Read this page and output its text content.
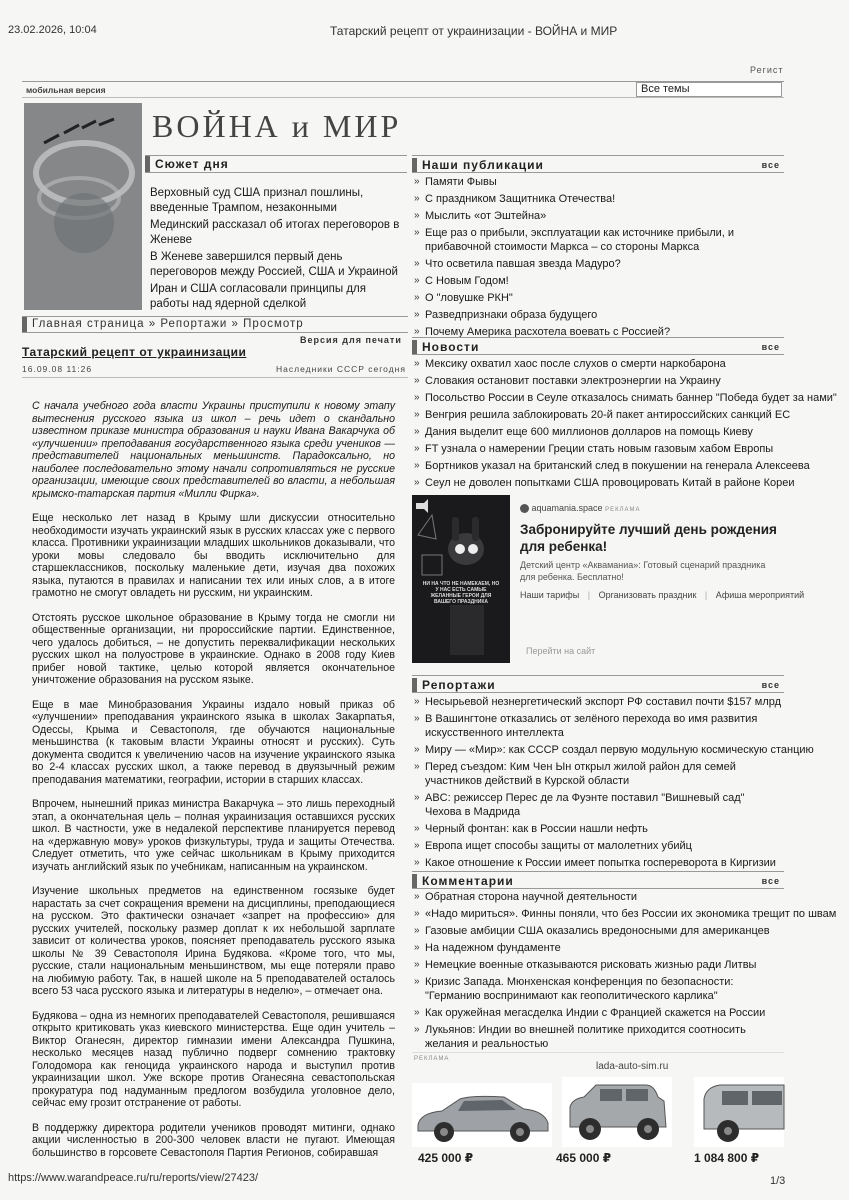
23.02.2026, 10:04	Татарский рецепт от украинизации - ВОЙНА и МИР
Регист
мобильная версия	Все темы
ВОЙНА и МИР
Сюжет дня

Верховный суд США признал пошлины, введенные Трампом, незаконными

Мединский рассказал об итогах переговоров в Женеве

В Женеве завершился первый день переговоров между Россией, США и Украиной

Иран и США согласовали принципы для работы над ядерной сделкой

Главная страница » Репортажи » Просмотр
Версия для печати
Татарский рецепт от украинизации
16.09.08 11:26	Наследники СССР сегодня

С начала учебного года власти Украины приступили к новому этапу вытеснения русского языка из школ – речь идет о скандально известном приказе министра образования и науки Ивана Вакарчука об «улучшении» преподавания государственного языка среди учеников — представителей национальных меньшинств. Парадоксально, но наиболее последовательно этому начали сопротивляться не русские организации, имеющие своих представителей во власти, а небольшая крымско-татарская партия «Милли Фирка».

Еще несколько лет назад в Крыму шли дискуссии относительно необходимости изучать украинский язык в русских классах уже с первого класса. Противники украинизации младших школьников доказывали, что уроки мовы следовало бы вводить исключительно для старшеклассников, поскольку маленькие дети, изучая два похожих языка, путаются в правилах и написании тех или иных слов, а в итоге грамотно не смогут овладеть ни русским, ни украинским.

Отстоять русское школьное образование в Крыму тогда не смогли ни общественные организации, ни пророссийские партии. Единственное, чего удалось добиться, – не допустить переквалификации нескольких русских школ на полуострове в украинские. Однако в 2008 году Киев прибег новой тактике, целью которой является окончательное уничтожение образования на русском языке.

Еще в мае Минобразования Украины издало новый приказ об «улучшении» преподавания украинского языка в школах Закарпатья, Одессы, Крыма и Севастополя, где обучаются национальные меньшинства (к таковым власти Украины относят и русских). Суть документа сводится к увеличению часов на изучение украинского языка во 2-4 классах русских школ, а также перевод в двуязычный режим преподавания математики, географии, истории в старших классах.

Впрочем, нынешний приказ министра Вакарчука – это лишь переходный этап, а окончательная цель – полная украинизация оставшихся русских школ. В частности, уже в недалекой перспективе планируется перевод на «державную мову» уроков физкультуры, труда и защиты Отечества. Следует отметить, что уже сейчас школьникам в Крыму приходится изучать английский язык по учебникам, написанным на украинском.

Изучение школьных предметов на единственном госязыке будет нарастать за счет сокращения времени на дисциплины, преподающиеся на русском. Это фактически означает «запрет на профессию» для русских учителей, поскольку размер доплат к их небольшой зарплате зависит от количества уроков, поясняет преподаватель русского языка школы № 39 Севастополя Ирина Будякова. «Кроме того, что мы, русские, стали национальным меньшинством, мы еще потеряли право на любимую работу. Так, в нашей школе на 5 преподавателей осталось всего 53 часа русского языка и литературы в неделю», – отмечает она.

Будякова – одна из немногих преподавателей Севастополя, решившаяся открыто критиковать указ киевского министерства. Еще один учитель – Виктор Оганесян, директор гимназии имени Александра Пушкина, несколько месяцев назад публично подверг сомнению трактовку Голодомора как геноцида украинского народа и выступил против украинизации школ. Уже вскоре против Оганесяна севастопольская прокуратура под надуманным предлогом возбудила уголовное дело, сейчас ему грозит отстранение от работы.

В поддержку директора родители учеников проводят митинги, однако акции численностью в 200-300 человек власти не пугают. Имеющая большинство в горсовете Севастополя Партия Регионов, собиравшая

Наши публикации	все
» Памяти Фывы
» С праздником Защитника Отечества!
» Мыслить «от Эштейна»
» Еще раз о прибыли, эксплуатации как источнике прибыли, и прибавочной стоимости Маркса – со стороны Маркса
» Что осветила павшая звезда Мадуро?
» С Новым Годом!
» О "ловушке РКН"
» Разведпризнаки образа будущего
» Почему Америка расхотела воевать с Россией?
Новости	все
» Мексику охватил хаос после слухов о смерти наркобарона
» Словакия остановит поставки электроэнергии на Украину
» Посольство России в Сеуле отказалось снимать баннер "Победа будет за нами"
» Венгрия решила заблокировать 20-й пакет антироссийских санкций ЕС
» Дания выделит еще 600 миллионов долларов на помощь Киеву
» FT узнала о намерении Греции стать новым газовым хабом Европы
» Бортников указал на британский след в покушении на генерала Алексеева
» Сеул не доволен попытками США провоцировать Китай в районе Кореи
НИ НА ЧТО НЕ НАМЕКАЕМ, НО У НАС ЕСТЬ САМЫЕ ЖЕЛАННЫЕ ГЕРОИ ДЛЯ ВАШЕГО ПРАЗДНИКА
aquamania.space РЕКЛАМА
Забронируйте лучший день рождения для ребенка!
Детский центр «Акваманиа»: Готовый сценарий праздника для ребенка. Бесплатно!
Наши тарифы | Организовать праздник | Афиша мероприятий
Перейти на сайт
Репортажи	все
» Несырьевой незнергетический экспорт РФ составил почти $157 млрд
» В Вашингтоне отказались от зелёного перехода во имя развития искусственного интеллекта
» Миру — «Мир»: как СССР создал первую модульную космическую станцию
» Перед съездом: Ким Чен Ын открыл жилой район для семей участников действий в Курской области
» ABC: режиссер Перес де ла Фуэнте поставил "Вишневый сад" Чехова в Мадрида
» Черный фонтан: как в России нашли нефть
» Европа ищет способы защиты от малолетних убийц
» Какое отношение к России имеет попытка госпереворота в Киргизии
Комментарии	все
» Обратная сторона научной деятельности
» «Надо мириться». Финны поняли, что без России их экономика трещит по швам
» Газовые амбиции США оказались вредоносными для американцев
» На надежном фундаменте
» Немецкие военные отказываются рисковать жизнью ради Литвы
» Кризис Запада. Мюнхенская конференция по безопасности: "Германию воспринимают как геополитического карлика"
» Как оружейная мегасделка Индии с Францией скажется на России
» Лукьянов: Индии во внешней политике приходится соотносить желания и реальностью
РЕКЛАМА
lada-auto-sim.ru
425 000 ₽	465 000 ₽	1 084 800 ₽
https://www.warandpeace.ru/ru/reports/view/27423/	1/3
